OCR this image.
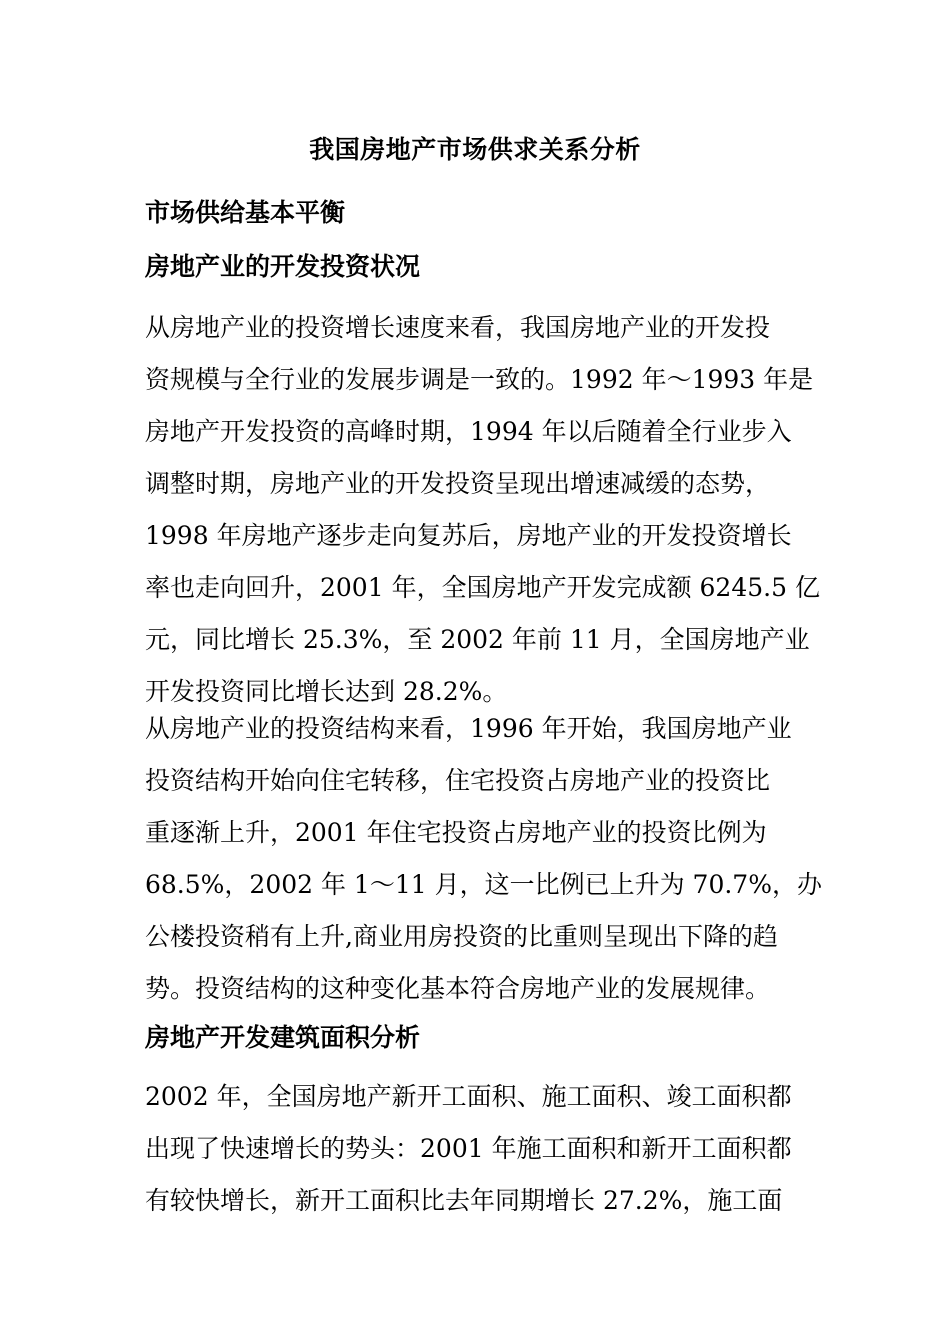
我国房地产市场供求关系分析
市场供给基本平衡
房地产业的开发投资状况
从房地产业的投资增长速度来看，我国房地产业的开发投
资规模与全行业的发展步调是一致的。1992 年～1993 年是
房地产开发投资的高峰时期，1994 年以后随着全行业步入
调整时期，房地产业的开发投资呈现出增速减缓的态势，
1998 年房地产逐步走向复苏后，房地产业的开发投资增长
率也走向回升，2001 年，全国房地产开发完成额 6245.5 亿
元，同比增长 25.3%，至 2002 年前 11 月，全国房地产业
开发投资同比增长达到 28.2%。
从房地产业的投资结构来看，1996 年开始，我国房地产业
投资结构开始向住宅转移，住宅投资占房地产业的投资比
重逐渐上升，2001 年住宅投资占房地产业的投资比例为
68.5%，2002 年 1～11 月，这一比例已上升为 70.7%，办
公楼投资稍有上升,商业用房投资的比重则呈现出下降的趋
势。投资结构的这种变化基本符合房地产业的发展规律。
房地产开发建筑面积分析
2002 年，全国房地产新开工面积、施工面积、竣工面积都
出现了快速增长的势头：2001 年施工面积和新开工面积都
有较快增长，新开工面积比去年同期增长 27.2%，施工面
